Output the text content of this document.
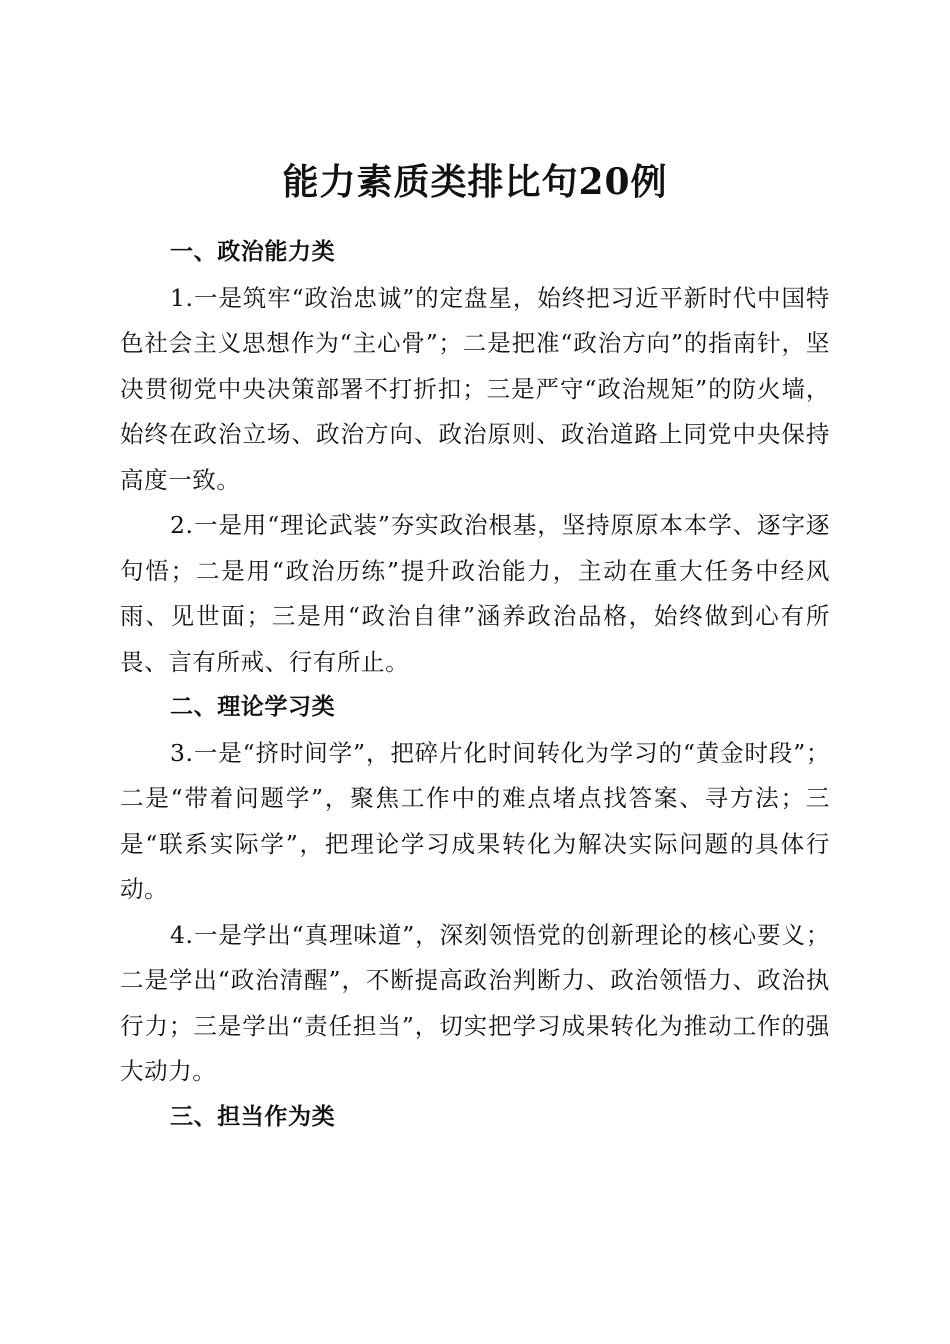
能力素质类排比句20例

一、政治能力类

1.一是筑牢“政治忠诚”的定盘星，始终把习近平新时代中国特色社会主义思想作为“主心骨”；二是把准“政治方向”的指南针，坚决贯彻党中央决策部署不打折扣；三是严守“政治规矩”的防火墙，始终在政治立场、政治方向、政治原则、政治道路上同党中央保持高度一致。

2.一是用“理论武装”夯实政治根基，坚持原原本本学、逐字逐句悟；二是用“政治历练”提升政治能力，主动在重大任务中经风雨、见世面；三是用“政治自律”涵养政治品格，始终做到心有所畏、言有所戒、行有所止。

二、理论学习类

3.一是“挤时间学”，把碎片化时间转化为学习的“黄金时段”；二是“带着问题学”，聚焦工作中的难点堵点找答案、寻方法；三是“联系实际学”，把理论学习成果转化为解决实际问题的具体行动。

4.一是学出“真理味道”，深刻领悟党的创新理论的核心要义；二是学出“政治清醒”，不断提高政治判断力、政治领悟力、政治执行力；三是学出“责任担当”，切实把学习成果转化为推动工作的强大动力。

三、担当作为类
